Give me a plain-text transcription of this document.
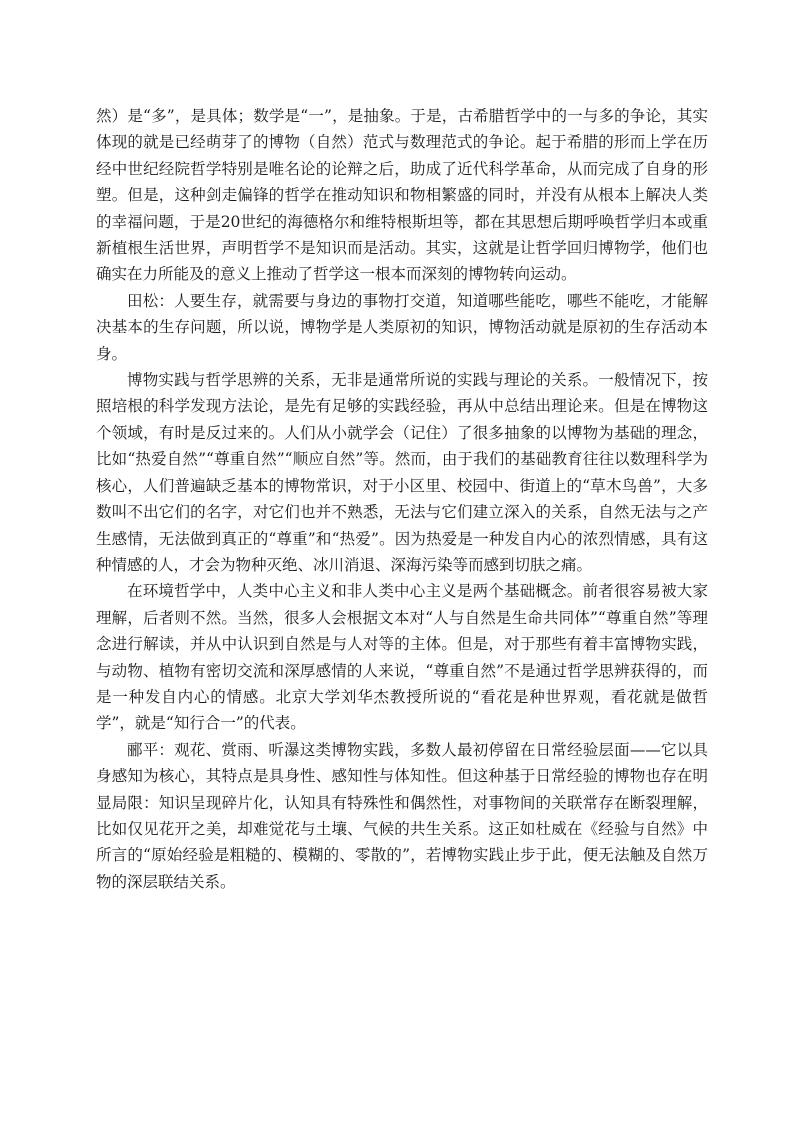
然）是“多”，是具体；数学是“一”，是抽象。于是，古希腊哲学中的一与多的争论，其实体现的就是已经萌芽了的博物（自然）范式与数理范式的争论。起于希腊的形而上学在历经中世纪经院哲学特别是唯名论的论辩之后，助成了近代科学革命，从而完成了自身的形塑。但是，这种剑走偏锋的哲学在推动知识和物相繁盛的同时，并没有从根本上解决人类的幸福问题，于是20世纪的海德格尔和维特根斯坦等，都在其思想后期呼唤哲学归本或重新植根生活世界，声明哲学不是知识而是活动。其实，这就是让哲学回归博物学，他们也确实在力所能及的意义上推动了哲学这一根本而深刻的博物转向运动。

田松：人要生存，就需要与身边的事物打交道，知道哪些能吃，哪些不能吃，才能解决基本的生存问题，所以说，博物学是人类原初的知识，博物活动就是原初的生存活动本身。

博物实践与哲学思辨的关系，无非是通常所说的实践与理论的关系。一般情况下，按照培根的科学发现方法论，是先有足够的实践经验，再从中总结出理论来。但是在博物这个领域，有时是反过来的。人们从小就学会（记住）了很多抽象的以博物为基础的理念，比如“热爱自然”“尊重自然”“顺应自然”等。然而，由于我们的基础教育往往以数理科学为核心，人们普遍缺乏基本的博物常识，对于小区里、校园中、街道上的“草木鸟兽”，大多数叫不出它们的名字，对它们也并不熟悉，无法与它们建立深入的关系，自然无法与之产生感情，无法做到真正的“尊重”和“热爱”。因为热爱是一种发自内心的浓烈情感，具有这种情感的人，才会为物种灭绝、冰川消退、深海污染等而感到切肤之痛。

在环境哲学中，人类中心主义和非人类中心主义是两个基础概念。前者很容易被大家理解，后者则不然。当然，很多人会根据文本对“人与自然是生命共同体”“尊重自然”等理念进行解读，并从中认识到自然是与人对等的主体。但是，对于那些有着丰富博物实践，与动物、植物有密切交流和深厚感情的人来说，“尊重自然”不是通过哲学思辨获得的，而是一种发自内心的情感。北京大学刘华杰教授所说的“看花是种世界观，看花就是做哲学”，就是“知行合一”的代表。

郦平：观花、赏雨、听瀑这类博物实践，多数人最初停留在日常经验层面——它以具身感知为核心，其特点是具身性、感知性与体知性。但这种基于日常经验的博物也存在明显局限：知识呈现碎片化，认知具有特殊性和偶然性，对事物间的关联常存在断裂理解，比如仅见花开之美，却难觉花与土壤、气候的共生关系。这正如杜威在《经验与自然》中所言的“原始经验是粗糙的、模糊的、零散的”，若博物实践止步于此，便无法触及自然万物的深层联结关系。
